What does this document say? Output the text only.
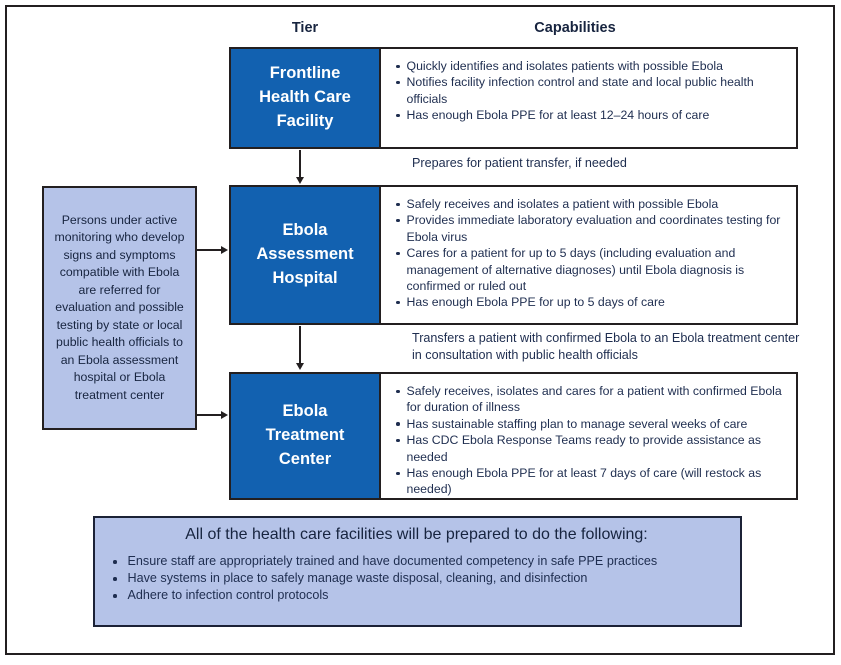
Tier	Capabilities
Frontline Health Care Facility
Quickly identifies and isolates patients with possible Ebola
Notifies facility infection control and state and local public health officials
Has enough Ebola PPE for at least 12–24 hours of care
Prepares for patient transfer, if needed
Ebola Assessment Hospital
Safely receives and isolates a patient with possible Ebola
Provides immediate laboratory evaluation and coordinates testing for Ebola virus
Cares for a patient for up to 5 days (including evaluation and management of alternative diagnoses) until Ebola diagnosis is confirmed or ruled out
Has enough Ebola PPE for up to 5 days of care
Transfers a patient with confirmed Ebola to an Ebola treatment center in consultation with public health officials
Ebola Treatment Center
Safely receives, isolates and cares for a patient with confirmed Ebola for duration of illness
Has sustainable staffing plan to manage several weeks of care
Has CDC Ebola Response Teams ready to provide assistance as needed
Has enough Ebola PPE for at least 7 days of care (will restock as needed)
Persons under active monitoring who develop signs and symptoms compatible with Ebola are referred for evaluation and possible testing by state or local public health officials to an Ebola assessment hospital or Ebola treatment center
All of the health care facilities will be prepared to do the following:
Ensure staff are appropriately trained and have documented competency in safe PPE practices
Have systems in place to safely manage waste disposal, cleaning, and disinfection
Adhere to infection control protocols
